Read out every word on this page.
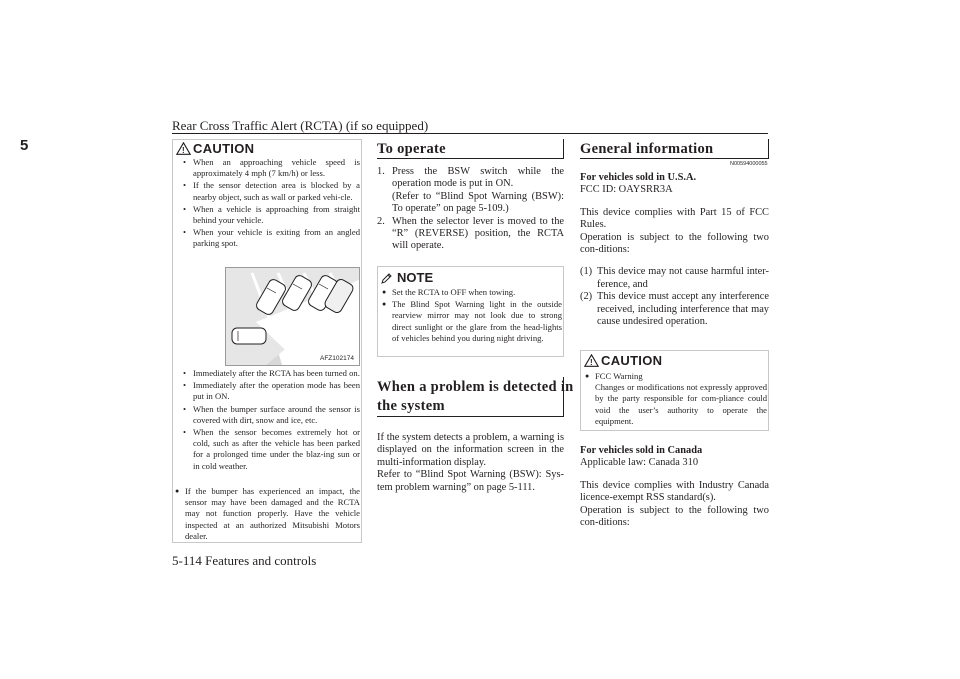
Rear Cross Traffic Alert (RCTA) (if so equipped)
5
5-114 Features and controls
! CAUTION

• When an approaching vehicle speed is approximately 4 mph (7 km/h) or less.

• If the sensor detection area is blocked by a nearby object, such as wall or parked vehi-cle.

• When a vehicle is approaching from straight behind your vehicle.

• When your vehicle is exiting from an angled parking spot.

AFZ102174

• Immediately after the RCTA has been turned on.

• Immediately after the operation mode has been put in ON.

• When the bumper surface around the sensor is covered with dirt, snow and ice, etc.

• When the sensor becomes extremely hot or cold, such as after the vehicle has been parked for a prolonged time under the blaz-ing sun or in cold weather.

● If the bumper has experienced an impact, the sensor may have been damaged and the RCTA may not function properly. Have the vehicle inspected at an authorized Mitsubishi Motors dealer.

To operate

1. Press the BSW switch while the operation mode is put in ON.

(Refer to “Blind Spot Warning (BSW): To operate” on page 5-109.)

2. When the selector lever is moved to the “R” (REVERSE) position, the RCTA will operate.

NOTE

● Set the RCTA to OFF when towing.

● The Blind Spot Warning light in the outside rearview mirror may not look due to strong direct sunlight or the glare from the head-lights of vehicles behind you during night driving.

When a problem is detected in
the system

If the system detects a problem, a warning is displayed on the information screen in the multi-information display.

Refer to “Blind Spot Warning (BSW): Sys-tem problem warning” on page 5-111.

General information
N00594000055

For vehicles sold in U.S.A.

FCC ID: OAYSRR3A

This device complies with Part 15 of FCC Rules.

Operation is subject to the following two con-ditions:

(1) This device may not cause harmful inter-ference, and

(2) This device must accept any interference received, including interference that may cause undesired operation.

! CAUTION

● FCC Warning

Changes or modifications not expressly approved by the party responsible for com-pliance could void the user’s authority to operate the equipment.

For vehicles sold in Canada

Applicable law: Canada 310

This device complies with Industry Canada licence-exempt RSS standard(s).

Operation is subject to the following two con-ditions:
